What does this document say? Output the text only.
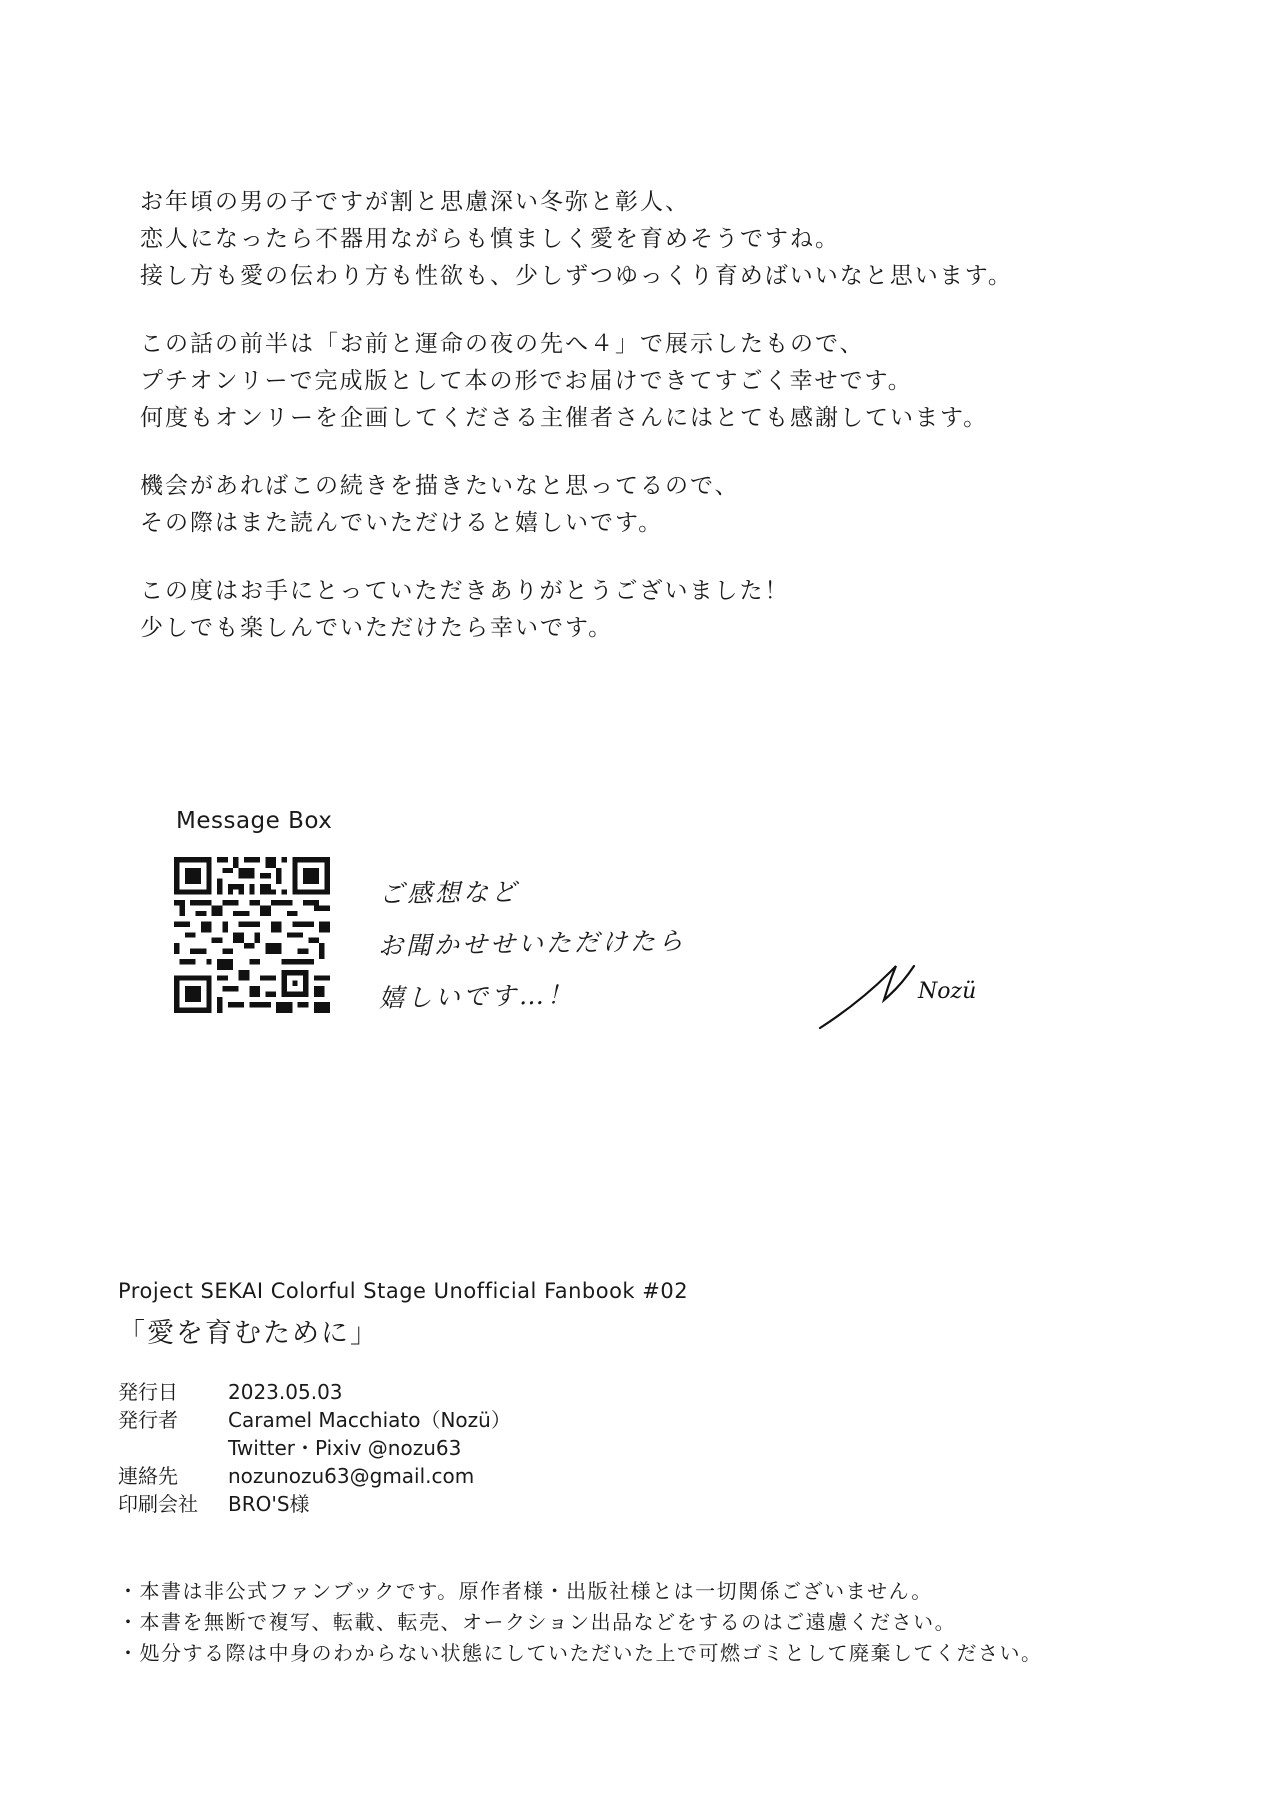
お年頃の男の子ですが割と思慮深い冬弥と彰人、
恋人になったら不器用ながらも慎ましく愛を育めそうですね。
接し方も愛の伝わり方も性欲も、少しずつゆっくり育めばいいなと思います。
この話の前半は「お前と運命の夜の先へ４」で展示したもので、
プチオンリーで完成版として本の形でお届けできてすごく幸せです。
何度もオンリーを企画してくださる主催者さんにはとても感謝しています。
機会があればこの続きを描きたいなと思ってるので、
その際はまた読んでいただけると嬉しいです。
この度はお手にとっていただきありがとうございました！
少しでも楽しんでいただけたら幸いです。
Message Box
ご感想など
お聞かせせいただけたら
嬉しいです…！	Nozü
Project SEKAI Colorful Stage Unofficial Fanbook #02
「愛を育むために」
発行日	2023.05.03
発行者	Caramel Macchiato（Nozü）
Twitter・Pixiv @nozu63
連絡先	nozunozu63@gmail.com
印刷会社	BRO'S様
・本書は非公式ファンブックです。原作者様・出版社様とは一切関係ございません。
・本書を無断で複写、転載、転売、オークション出品などをするのはご遠慮ください。
・処分する際は中身のわからない状態にしていただいた上で可燃ゴミとして廃棄してください。
